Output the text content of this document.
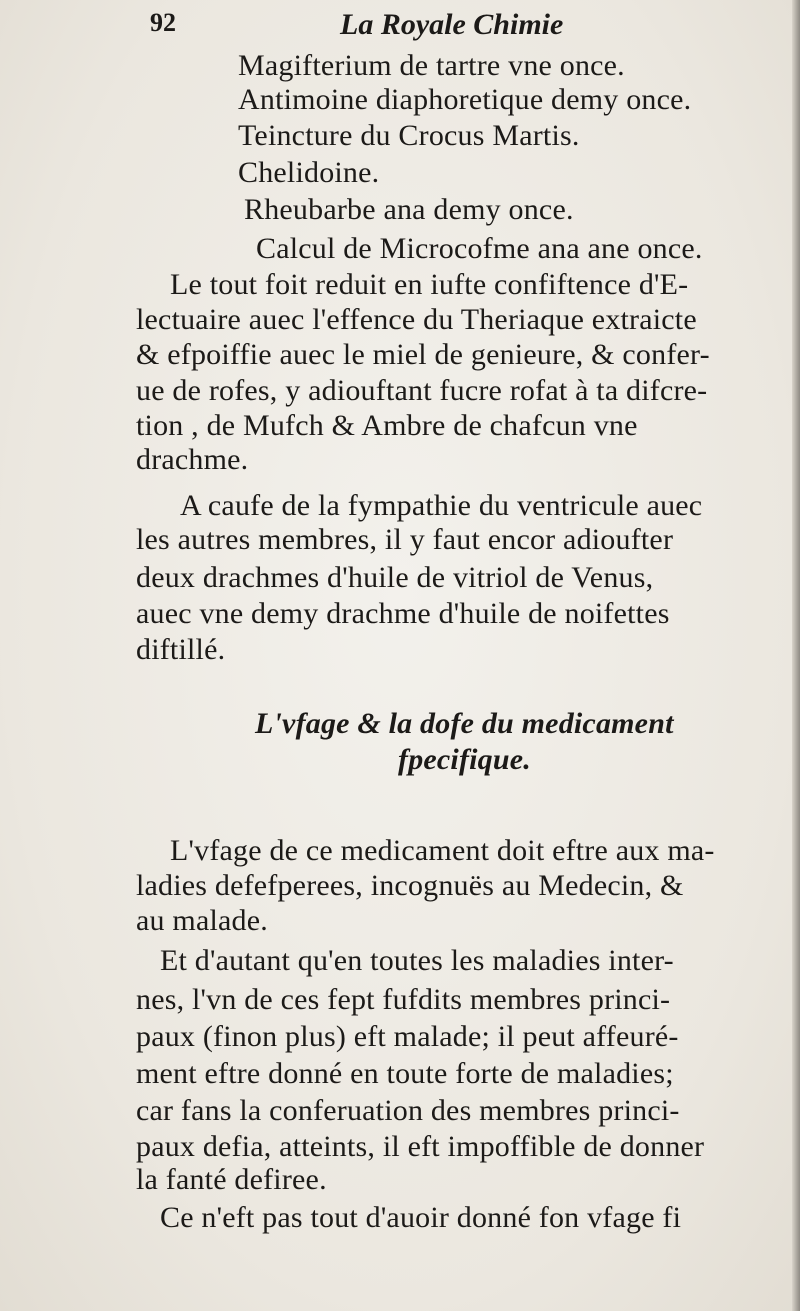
92	La Royale Chimie

Magifterium de tartre vne once.

Antimoine diaphoretique demy once.

Teincture du Crocus Martis.

Chelidoine.

Rheubarbe ana demy once.

Calcul de Microcofme ana ane once.

Le tout foit reduit en iufte confiftence d'E-

lectuaire auec l'effence du Theriaque extraicte

& efpoiffie auec le miel de genieure, & confer-

ue de rofes, y adiouftant fucre rofat à ta difcre-

tion , de Mufch & Ambre de chafcun vne

drachme.

A caufe de la fympathie du ventricule auec

les autres membres, il y faut encor adioufter

deux drachmes d'huile de vitriol de Venus,

auec vne demy drachme d'huile de noifettes

diftillé.

L'vfage & la dofe du medicament

fpecifique.

L'vfage de ce medicament doit eftre aux ma-

ladies defefperees, incognuës au Medecin, &

au malade.

Et d'autant qu'en toutes les maladies inter-

nes, l'vn de ces fept fufdits membres princi-

paux (finon plus) eft malade; il peut affeuré-

ment eftre donné en toute forte de maladies;

car fans la conferuation des membres princi-

paux defia, atteints, il eft impoffible de donner

la fanté defiree.

Ce n'eft pas tout d'auoir donné fon vfage fi
